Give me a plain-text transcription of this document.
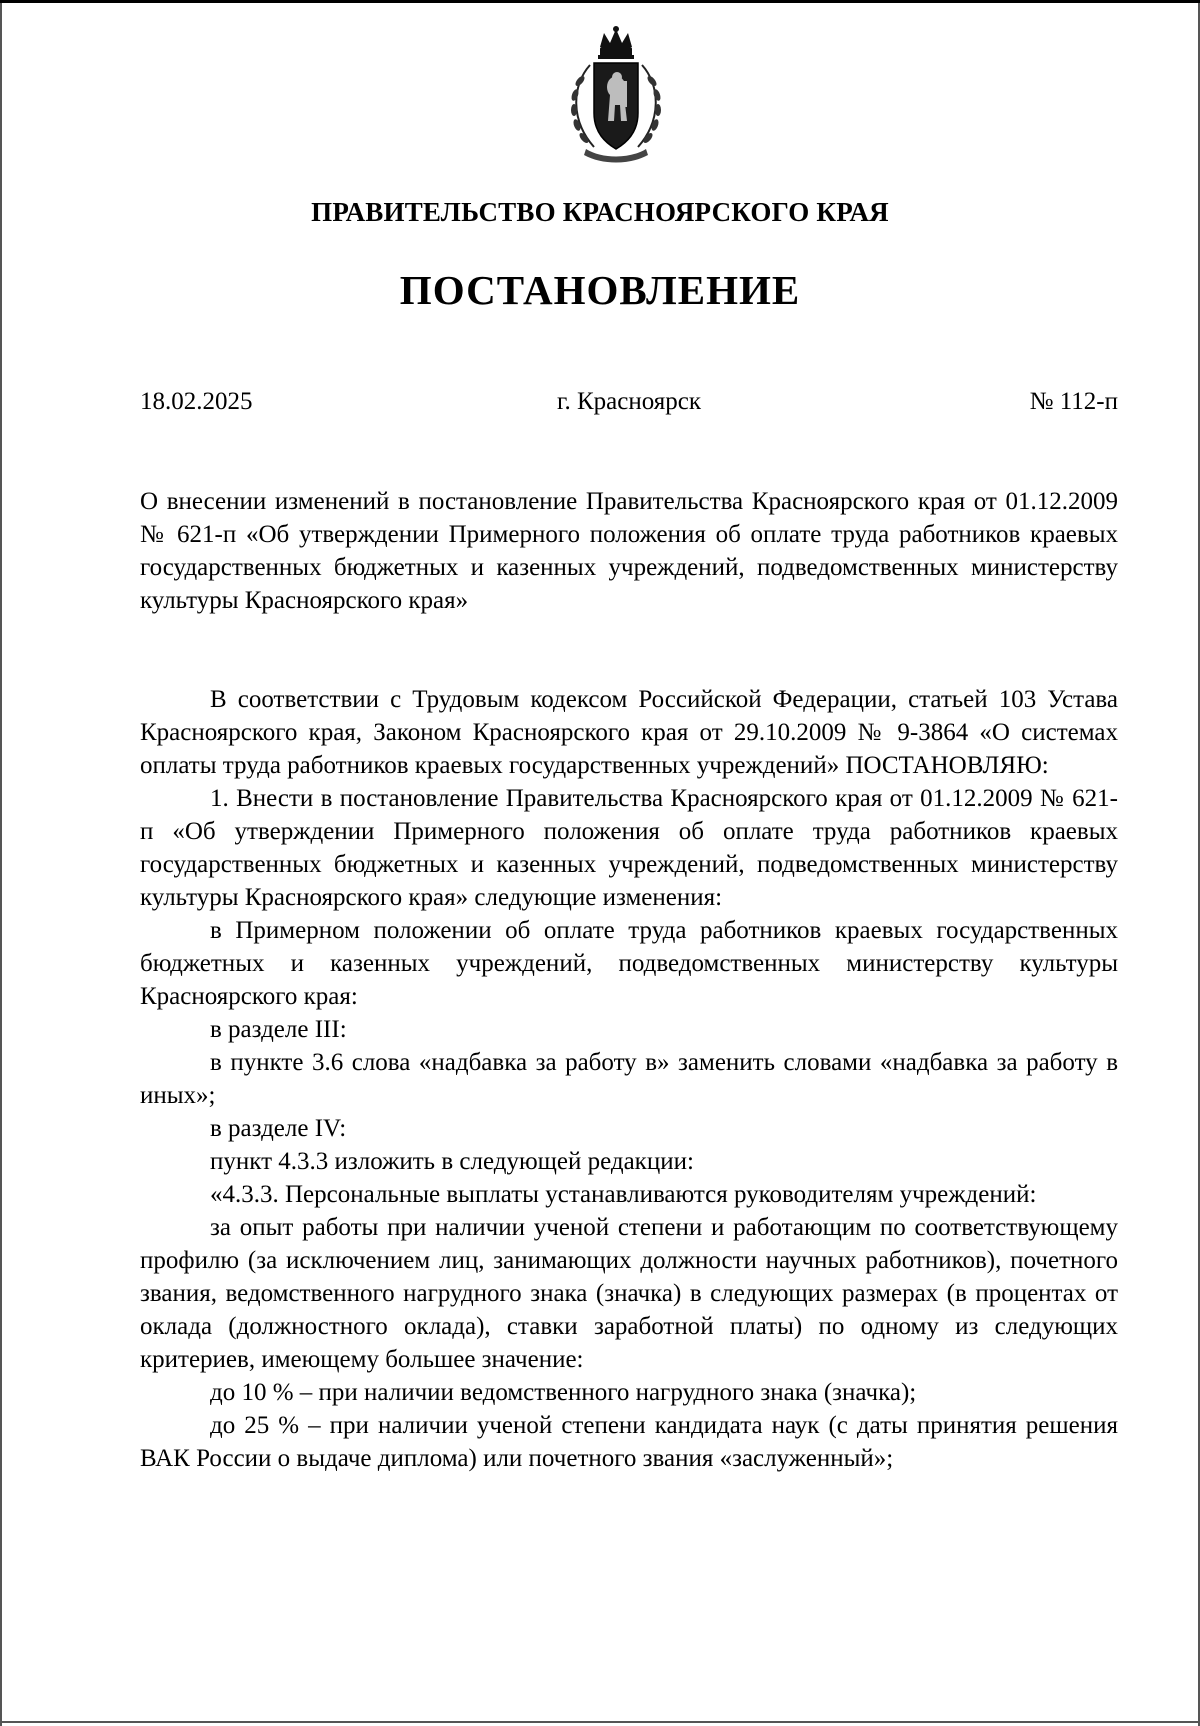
ПРАВИТЕЛЬСТВО КРАСНОЯРСКОГО КРАЯ
ПОСТАНОВЛЕНИЕ
18.02.2025	г. Красноярск	№ 112-п
О внесении изменений в постановление Правительства Красноярского края от 01.12.2009 № 621-п «Об утверждении Примерного положения об оплате труда работников краевых государственных бюджетных и казенных учреждений, подведомственных министерству культуры Красноярского края»

В соответствии с Трудовым кодексом Российской Федерации, статьей 103 Устава Красноярского края, Законом Красноярского края от 29.10.2009 № 9-3864 «О системах оплаты труда работников краевых государственных учреждений» ПОСТАНОВЛЯЮ:

1. Внести в постановление Правительства Красноярского края от 01.12.2009 № 621-п «Об утверждении Примерного положения об оплате труда работников краевых государственных бюджетных и казенных учреждений, подведомственных министерству культуры Красноярского края» следующие изменения:

в Примерном положении об оплате труда работников краевых государственных бюджетных и казенных учреждений, подведомственных министерству культуры Красноярского края:

в разделе III:

в пункте 3.6 слова «надбавка за работу в» заменить словами «надбавка за работу в иных»;

в разделе IV:

пункт 4.3.3 изложить в следующей редакции:

«4.3.3. Персональные выплаты устанавливаются руководителям учреждений:

за опыт работы при наличии ученой степени и работающим по соответствующему профилю (за исключением лиц, занимающих должности научных работников), почетного звания, ведомственного нагрудного знака (значка) в следующих размерах (в процентах от оклада (должностного оклада), ставки заработной платы) по одному из следующих критериев, имеющему большее значение:

до 10 % – при наличии ведомственного нагрудного знака (значка);

до 25 % – при наличии ученой степени кандидата наук (с даты принятия решения ВАК России о выдаче диплома) или почетного звания «заслуженный»;
